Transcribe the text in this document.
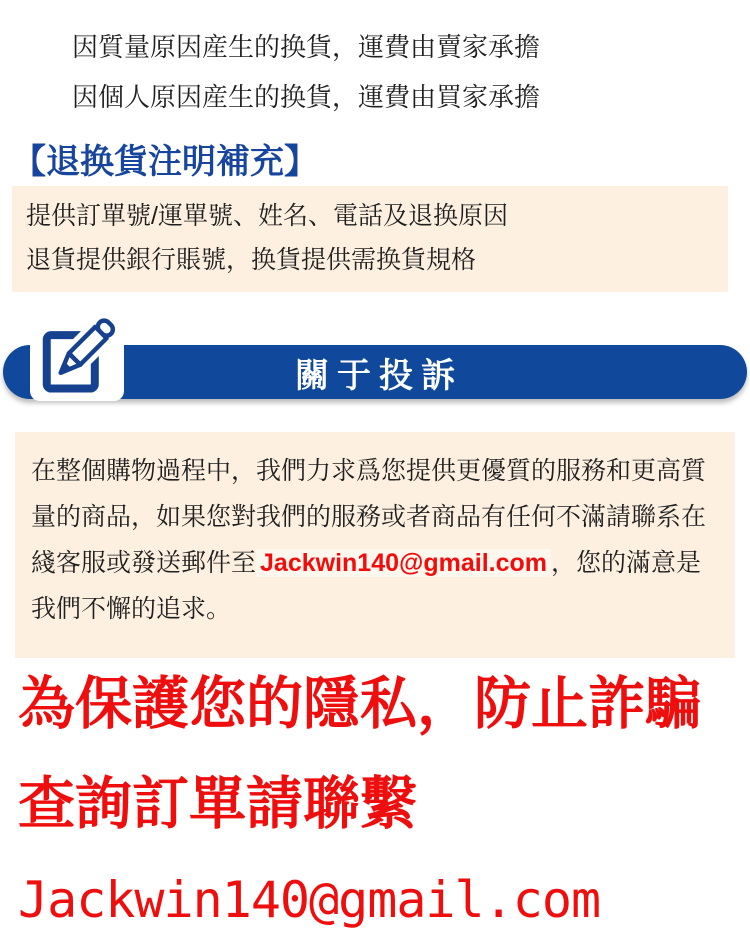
因質量原因産生的换貨，運費由賣家承擔
因個人原因産生的换貨，運費由買家承擔
【退换貨注明補充】
提供訂單號/運單號、姓名、電話及退换原因
退貨提供銀行賬號，换貨提供需换貨規格
關于投訴
在整個購物過程中，我們力求爲您提供更優質的服務和更高質量的商品，如果您對我們的服務或者商品有任何不滿請聯系在綫客服或發送郵件至 Jackwin140@gmail.com ，您的滿意是我們不懈的追求。
為保護您的隱私，防止詐騙
查詢訂單請聯繫
Jackwin140@gmail.com
